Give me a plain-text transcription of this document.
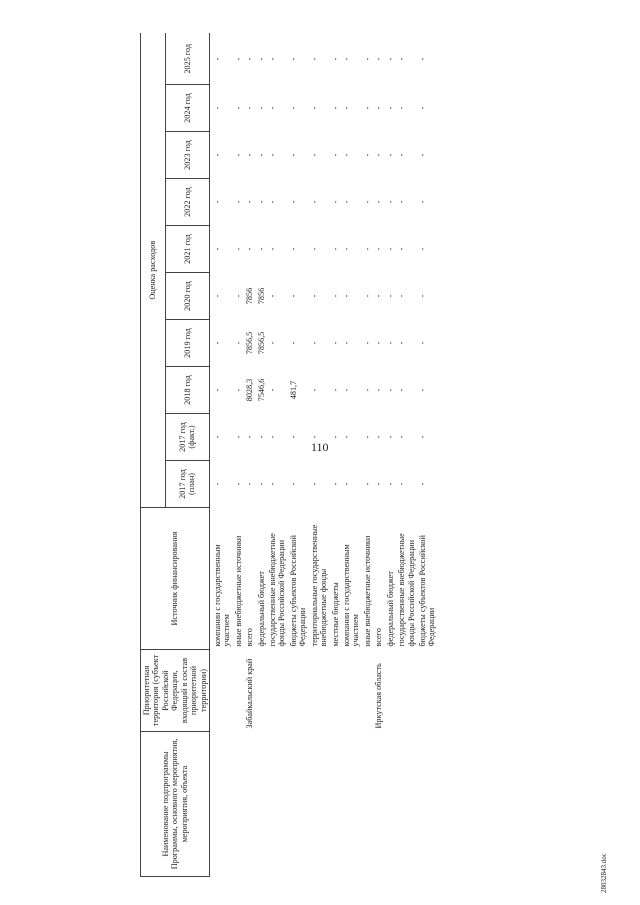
110
28032843.doc
Наименование подпрограммы Программы, основного мероприятия, мероприятия, объекта	Приоритетная территория (субъект Российской Федерации, входящий в состав приоритетной территории)	Источник финансирования	Оценка расходов									
			2017 год (план)	2017 год (факт.)	2018 год	2019 год	2020 год	2021 год	2022 год	2023 год	2024 год	2025 год
		компании с государственным участием	-	-	-	-	-	-	-	-	-	-
		иные внебюджетные источники	-	-	-	-	-	-	-	-	-	-
	Забайкальский край	всего	-	-	8028,3	7856,5	7856	-	-	-	-	-
		федеральный бюджет	-	-	7546,6	7856,5	7856	-	-	-	-	-
		государственные внебюджетные фонды Российской Федерации	-	-	-	-	-	-	-	-	-	-
		бюджеты субъектов Российской Федерации	-	-	481,7	-	-	-	-	-	-	-
		территориальные государственные внебюджетные фонды	-	-	-	-	-	-	-	-	-	-
		местные бюджеты	-	-	-	-	-	-	-	-	-	-
		компании с государственным участием	-	-	-	-	-	-	-	-	-	-
		иные внебюджетные источники	-	-	-	-	-	-	-	-	-	-
	Иркутская область	всего	-	-	-	-	-	-	-	-	-	-
		федеральный бюджет	-	-	-	-	-	-	-	-	-	-
		государственные внебюджетные фонды Российской Федерации	-	-	-	-	-	-	-	-	-	-
		бюджеты субъектов Российской Федерации	-	-	-	-	-	-	-	-	-	-
